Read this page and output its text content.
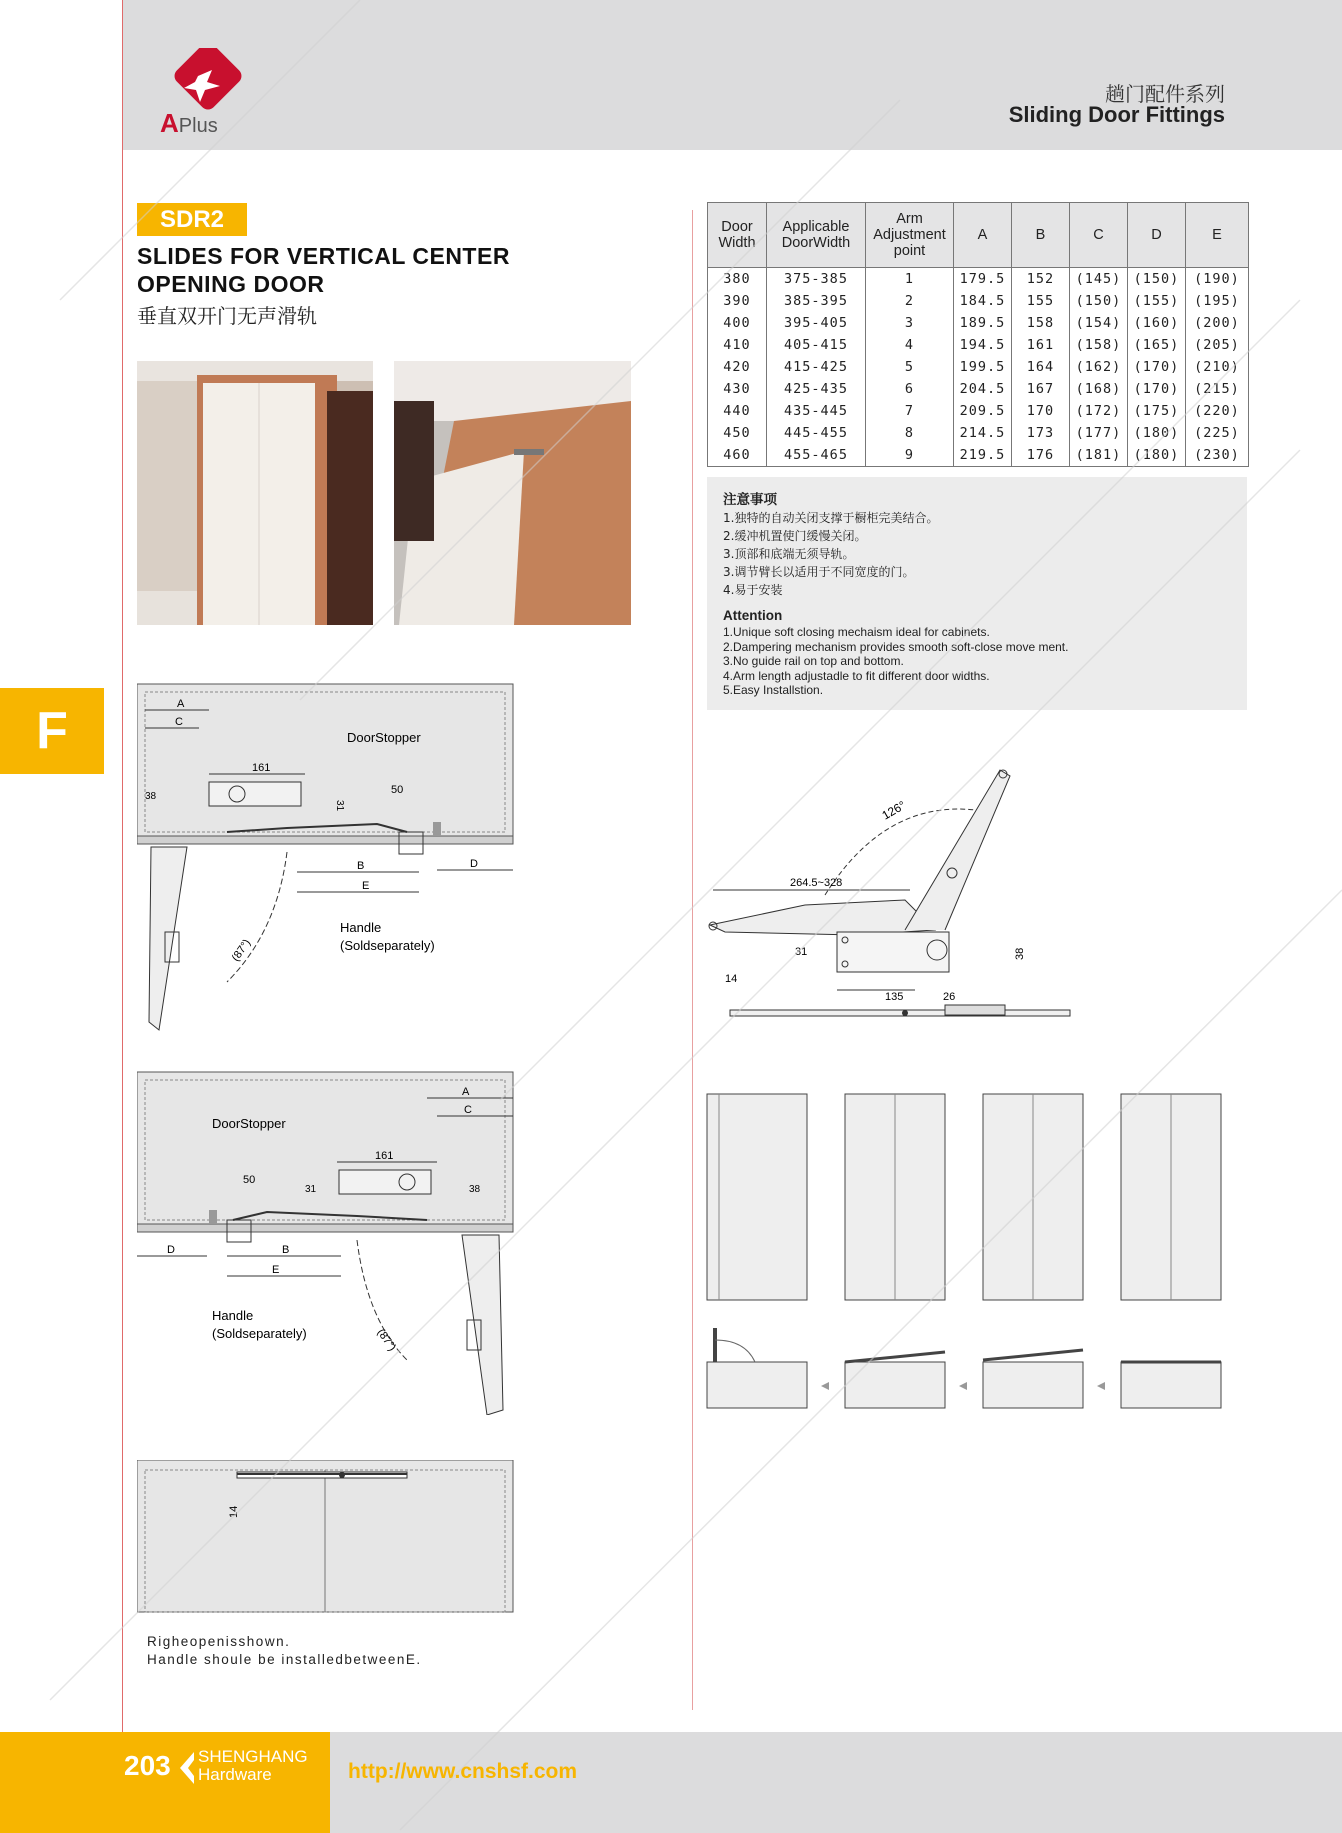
APlus
趟门配件系列
Sliding Door Fittings
SDR2
SLIDES FOR VERTICAL CENTER
OPENING DOOR
垂直双开门无声滑轨
Door Width	Applicable DoorWidth	Arm Adjustment point	A	B	C	D	E
380	375-385	1	179.5	152	(145)	(150)	(190)
390	385-395	2	184.5	155	(150)	(155)	(195)
400	395-405	3	189.5	158	(154)	(160)	(200)
410	405-415	4	194.5	161	(158)	(165)	(205)
420	415-425	5	199.5	164	(162)	(170)	(210)
430	425-435	6	204.5	167	(168)	(170)	(215)
440	435-445	7	209.5	170	(172)	(175)	(220)
450	445-455	8	214.5	173	(177)	(180)	(225)
460	455-465	9	219.5	176	(181)	(180)	(230)
注意事项
1.独特的自动关闭支撑于橱柜完美结合。
2.缓冲机置使门缓慢关闭。
3.顶部和底端无须导轨。
3.调节臂长以适用于不同宽度的门。
4.易于安装
Attention
1.Unique soft closing mechaism ideal for cabinets.
2.Dampering mechanism provides smooth soft-close move ment.
3.No guide rail on top and bottom.
4.Arm length adjustadle to fit different door widths.
5.Easy Installstion.
F	A
C
DoorStopper
161
38
31
50
B
E
D
Handle
(Soldseparately)
(87°)
A
C
DoorStopper
161
31	38
50
D	B
E
Handle
(Soldseparately)	(87°)
14
126°
264.5~328
31	38
135	26
14
Righeopenisshown.
Handle shoule be installedbetweenE.
203 SHENGHANG
Hardware	http://www.cnshsf.com
